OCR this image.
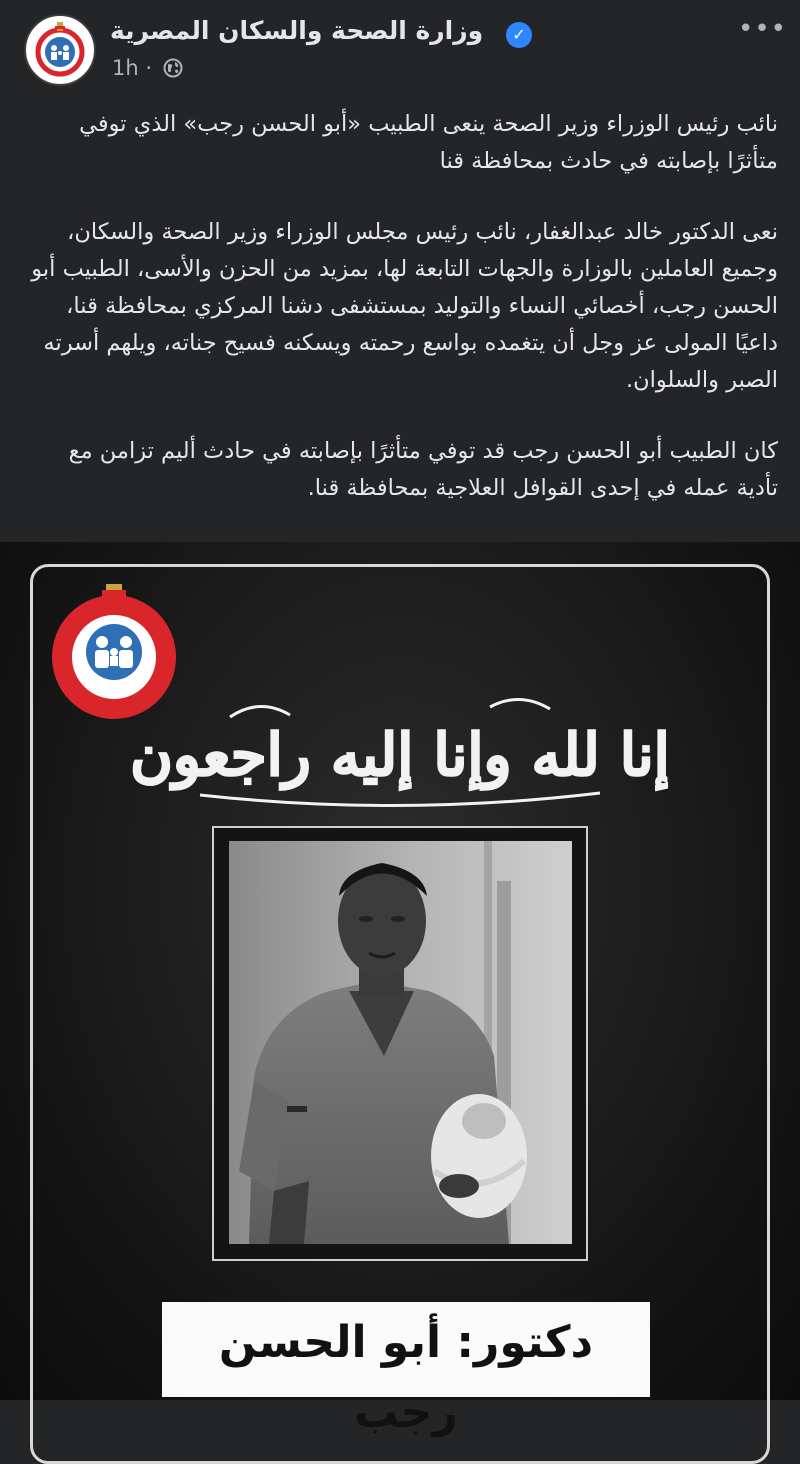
وزارة الصحة والسكان المصرية	✓
1h ·
•••

نائب رئيس الوزراء وزير الصحة ينعى الطبيب «أبو الحسن رجب» الذي توفي متأثرًا بإصابته في حادث بمحافظة قنا

نعى الدكتور خالد عبدالغفار، نائب رئيس مجلس الوزراء وزير الصحة والسكان، وجميع العاملين بالوزارة والجهات التابعة لها، بمزيد من الحزن والأسى، الطبيب أبو الحسن رجب، أخصائي النساء والتوليد بمستشفى دشنا المركزي بمحافظة قنا، داعيًا المولى عز وجل أن يتغمده بواسع رحمته ويسكنه فسيح جناته، ويلهم أسرته الصبر والسلوان.

كان الطبيب أبو الحسن رجب قد توفي متأثرًا بإصابته في حادث أليم تزامن مع تأدية عمله في إحدى القوافل العلاجية بمحافظة قنا.

إنا لله وإنا إليه راجعون
دكتور: أبو الحسن رجب
